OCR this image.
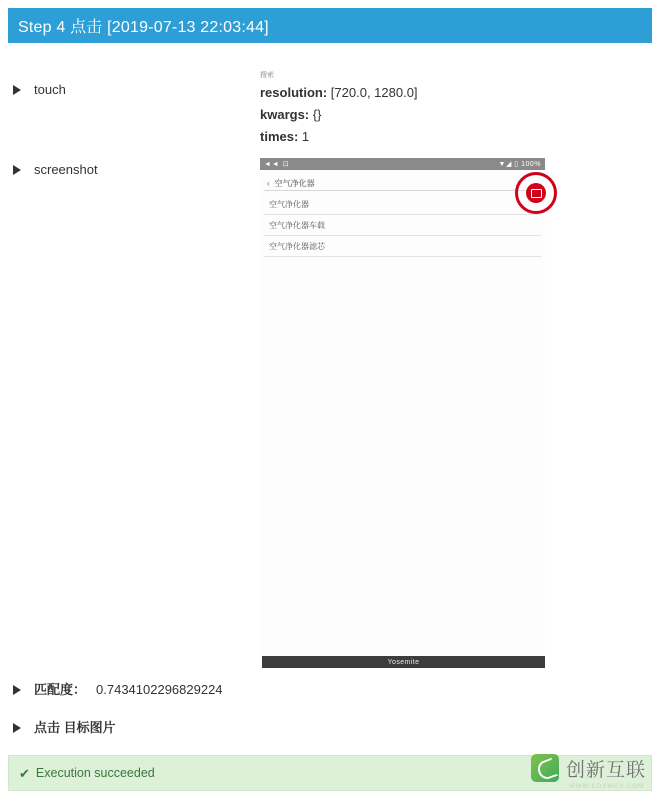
Step 4 点击 [2019-07-13 22:03:44]
touch
搜索
resolution: [720.0, 1280.0]
kwargs: {}
times: 1
screenshot	◄◄ ⊡	▼◢ ▯ 100%
‹ 空气净化器
空气净化器
空气净化器车载
空气净化器滤芯
Yosemite
匹配度： 0.7434102296829224
点击 目标图片
✔ Execution succeeded	创新互联
WWW.CDXWCX.COM
